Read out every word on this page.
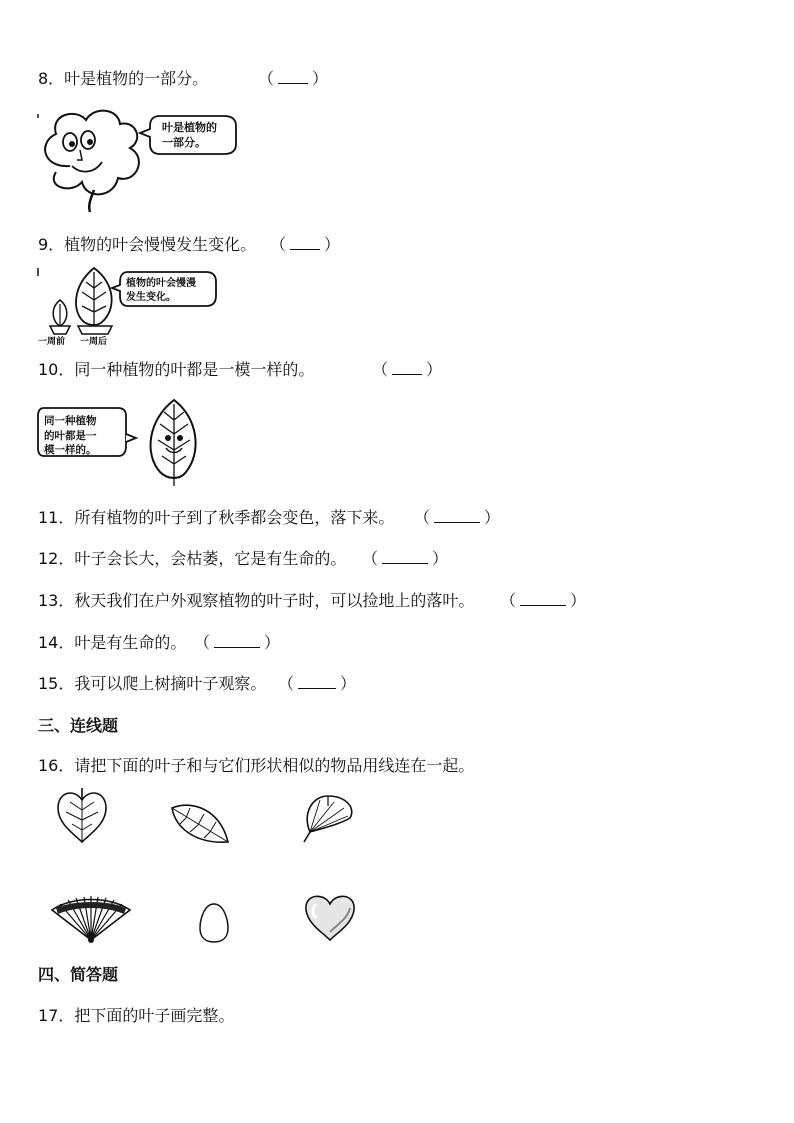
8．叶是植物的一部分。	（ ）
叶是植物的
一部分。
9．植物的叶会慢慢发生变化。 （ ）
一周前 一周后
植物的叶会慢漫
发生变化。
10．同一种植物的叶都是一模一样的。	（ ）
同一种植物
的叶都是一
模一样的。
11．所有植物的叶子到了秋季都会变色，落下来。 （	）
12．叶子会长大，会枯萎，它是有生命的。 （	）
13．秋天我们在户外观察植物的叶子时，可以捡地上的落叶。 （	）
14．叶是有生命的。 （	）
15．我可以爬上树摘叶子观察。 （	）
三、连线题
16．请把下面的叶子和与它们形状相似的物品用线连在一起。
四、简答题
17．把下面的叶子画完整。
